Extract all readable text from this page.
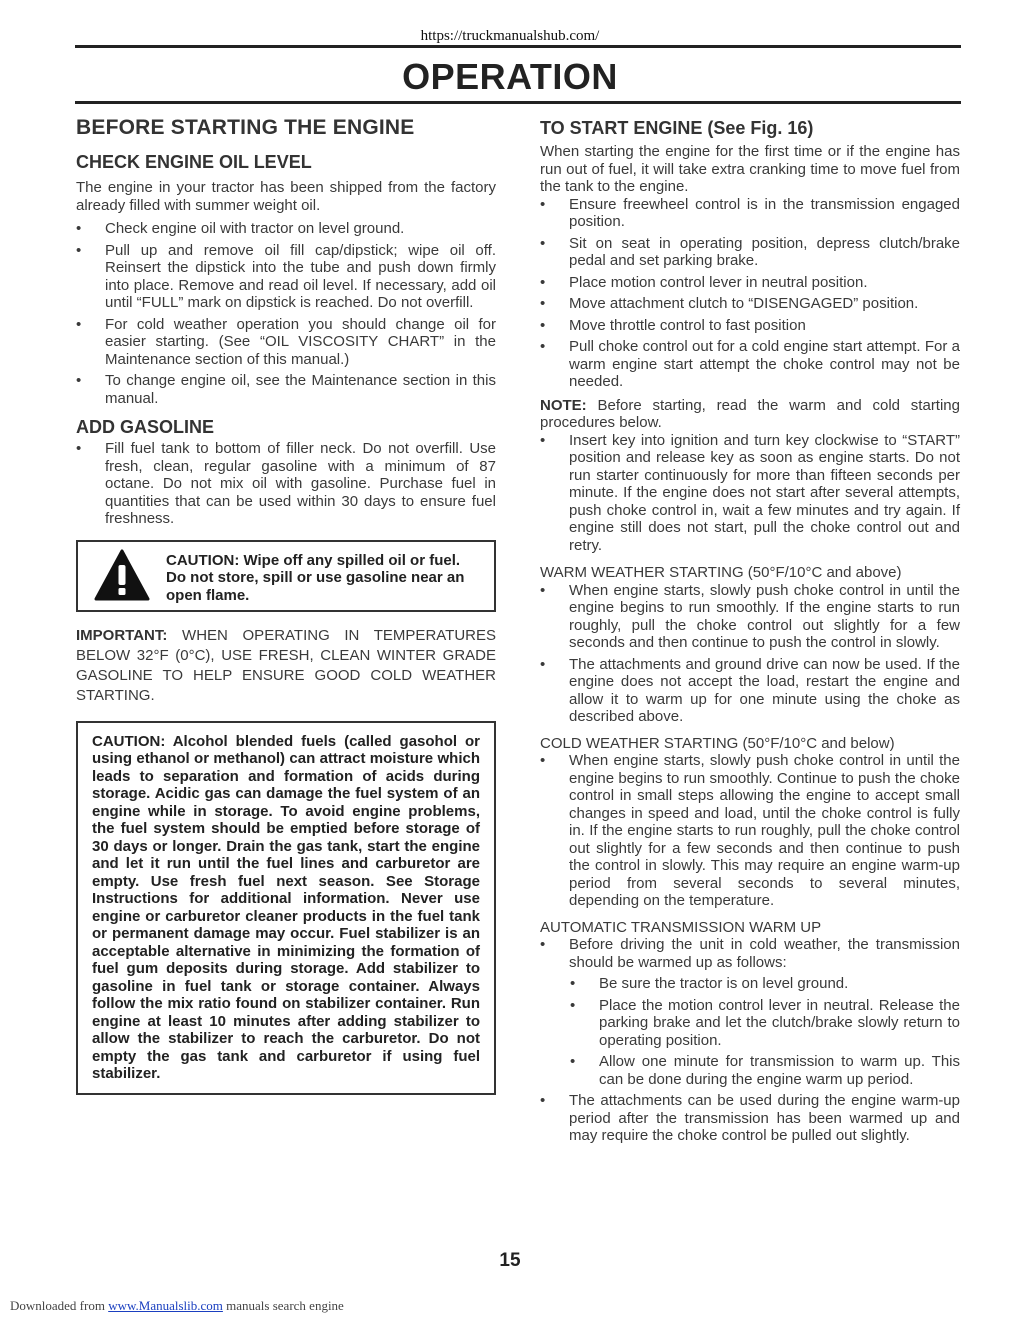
https://truckmanualshub.com/
OPERATION
BEFORE STARTING THE ENGINE
CHECK ENGINE OIL LEVEL

The engine in your tractor has been shipped from the factory already filled with summer weight oil.

•	Check engine oil with tractor on level ground.
•	Pull up and remove oil fill cap/dipstick; wipe oil off. Reinsert the dipstick into the tube and push down firmly into place. Remove and read oil level. If necessary, add oil until “FULL” mark on dipstick is reached. Do not overfill.
•	For cold weather operation you should change oil for easier starting. (See “OIL VISCOSITY CHART” in the Maintenance section of this manual.)
•	To change engine oil, see the Maintenance section in this manual.
ADD GASOLINE
•	Fill fuel tank to bottom of filler neck. Do not overfill. Use fresh, clean, regular gasoline with a minimum of 87 octane. Do not mix oil with gasoline. Purchase fuel in quantities that can be used within 30 days to ensure fuel freshness.
CAUTION: Wipe off any spilled oil or fuel. Do not store, spill or use gasoline near an open flame.
IMPORTANT: WHEN OPERATING IN TEMPERATURES BELOW 32°F (0°C), USE FRESH, CLEAN WINTER GRADE GASOLINE TO HELP ENSURE GOOD COLD WEATHER STARTING.
CAUTION: Alcohol blended fuels (called gasohol or using ethanol or methanol) can attract moisture which leads to separation and formation of acids during storage. Acidic gas can damage the fuel system of an engine while in storage. To avoid engine problems, the fuel system should be emptied before storage of 30 days or longer. Drain the gas tank, start the engine and let it run until the fuel lines and carburetor are empty. Use fresh fuel next season. See Storage Instructions for additional information. Never use engine or carburetor cleaner products in the fuel tank or permanent damage may occur. Fuel stabilizer is an acceptable alternative in minimizing the formation of fuel gum deposits during storage. Add stabilizer to gasoline in fuel tank or storage container. Always follow the mix ratio found on stabilizer container. Run engine at least 10 minutes after adding stabilizer to allow the stabilizer to reach the carburetor. Do not empty the gas tank and carburetor if using fuel stabilizer.
TO START ENGINE (See Fig. 16)

When starting the engine for the first time or if the engine has run out of fuel, it will take extra cranking time to move fuel from the tank to the engine.

•	Ensure freewheel control is in the transmission engaged position.
•	Sit on seat in operating position, depress clutch/brake pedal and set parking brake.
•	Place motion control lever in neutral position.
•	Move attachment clutch to “DISENGAGED” position.
•	Move throttle control to fast position
•	Pull choke control out for a cold engine start attempt. For a warm engine start attempt the choke control may not be needed.

NOTE: Before starting, read the warm and cold starting procedures below.

•	Insert key into ignition and turn key clockwise to “START” position and release key as soon as engine starts. Do not run starter continuously for more than fifteen seconds per minute. If the engine does not start after several attempts, push choke control in, wait a few minutes and try again. If engine still does not start, pull the choke control out and retry.
WARM WEATHER STARTING (50°F/10°C and above)
•	When engine starts, slowly push choke control in until the engine begins to run smoothly. If the engine starts to run roughly, pull the choke control out slightly for a few seconds and then continue to push the control in slowly.
•	The attachments and ground drive can now be used. If the engine does not accept the load, restart the engine and allow it to warm up for one minute using the choke as described above.
COLD WEATHER STARTING (50°F/10°C and below)
•	When engine starts, slowly push choke control in until the engine begins to run smoothly. Continue to push the choke control in small steps allowing the engine to accept small changes in speed and load, until the choke control is fully in. If the engine starts to run roughly, pull the choke control out slightly for a few seconds and then continue to push the control in slowly. This may require an engine warm-up period from several seconds to several minutes, depending on the temperature.
AUTOMATIC TRANSMISSION WARM UP
•	Before driving the unit in cold weather, the transmission should be warmed up as follows:
•	Be sure the tractor is on level ground.
•	Place the motion control lever in neutral. Release the parking brake and let the clutch/brake slowly return to operating position.
•	Allow one minute for transmission to warm up. This can be done during the engine warm up period.
•	The attachments can be used during the engine warm-up period after the transmission has been warmed up and may require the choke control be pulled out slightly.
15
Downloaded from www.Manualslib.com manuals search engine
